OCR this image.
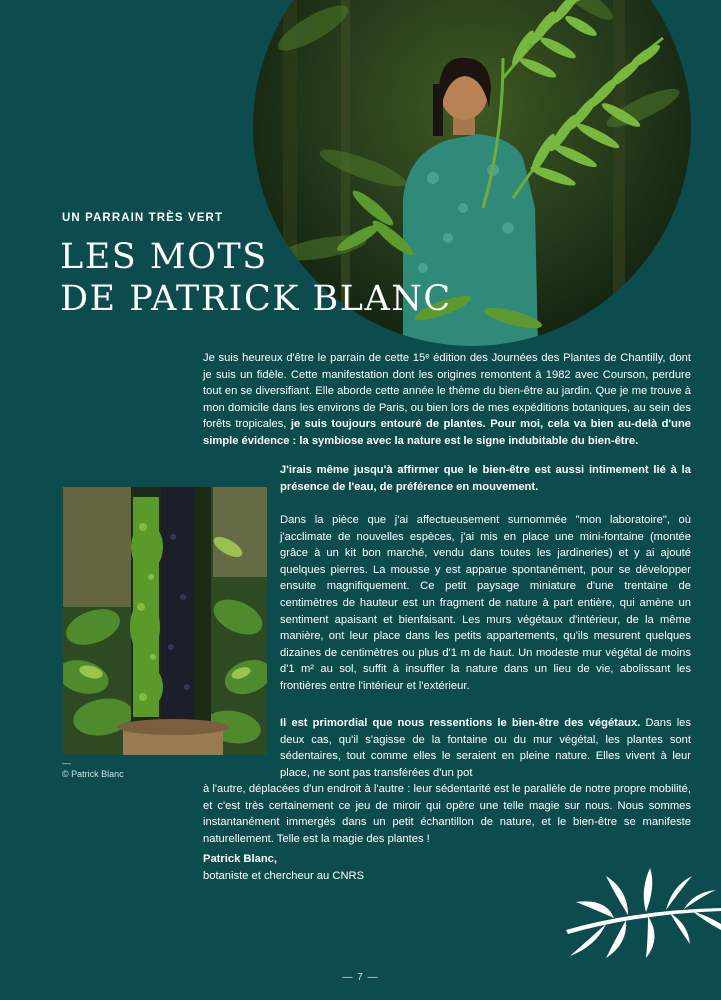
UN PARRAIN TRÈS VERT
LES MOTS
DE PATRICK BLANC

Je suis heureux d'être le parrain de cette 15ᵉ édition des Journées des Plantes de Chantilly, dont je suis un fidèle. Cette manifestation dont les origines remontent à 1982 avec Courson, perdure tout en se diversifiant. Elle aborde cette année le thème du bien-être au jardin. Que je me trouve à mon domicile dans les environs de Paris, ou bien lors de mes expéditions botaniques, au sein des forêts tropicales, je suis toujours entouré de plantes. Pour moi, cela va bien au-delà d'une simple évidence : la symbiose avec la nature est le signe indubitable du bien-être.

J'irais même jusqu'à affirmer que le bien-être est aussi intimement lié à la présence de l'eau, de préférence en mouvement.

Dans la pièce que j'ai affectueusement surnommée "mon laboratoire", où j'acclimate de nouvelles espèces, j'ai mis en place une mini-fontaine (montée grâce à un kit bon marché, vendu dans toutes les jardineries) et y ai ajouté quelques pierres. La mousse y est apparue spontanément, pour se développer ensuite magnifiquement. Ce petit paysage miniature d'une trentaine de centimètres de hauteur est un fragment de nature à part entière, qui amène un sentiment apaisant et bienfaisant. Les murs végétaux d'intérieur, de la même manière, ont leur place dans les petits appartements, qu'ils mesurent quelques dizaines de centimètres ou plus d'1 m de haut. Un modeste mur végétal de moins d'1 m² au sol, suffit à insuffler la nature dans un lieu de vie, abolissant les frontières entre l'intérieur et l'extérieur.

Il est primordial que nous ressentions le bien-être des végétaux. Dans les deux cas, qu'il s'agisse de la fontaine ou du mur végétal, les plantes sont sédentaires, tout comme elles le seraient en pleine nature. Elles vivent à leur place, ne sont pas transférées d'un pot

à l'autre, déplacées d'un endroit à l'autre : leur sédentarité est le parallèle de notre propre mobilité, et c'est très certainement ce jeu de miroir qui opère une telle magie sur nous. Nous sommes instantanément immergés dans un petit échantillon de nature, et le bien-être se manifeste naturellement. Telle est la magie des plantes !

Patrick Blanc,
botaniste et chercheur au CNRS
—
© Patrick Blanc
— 7 —
